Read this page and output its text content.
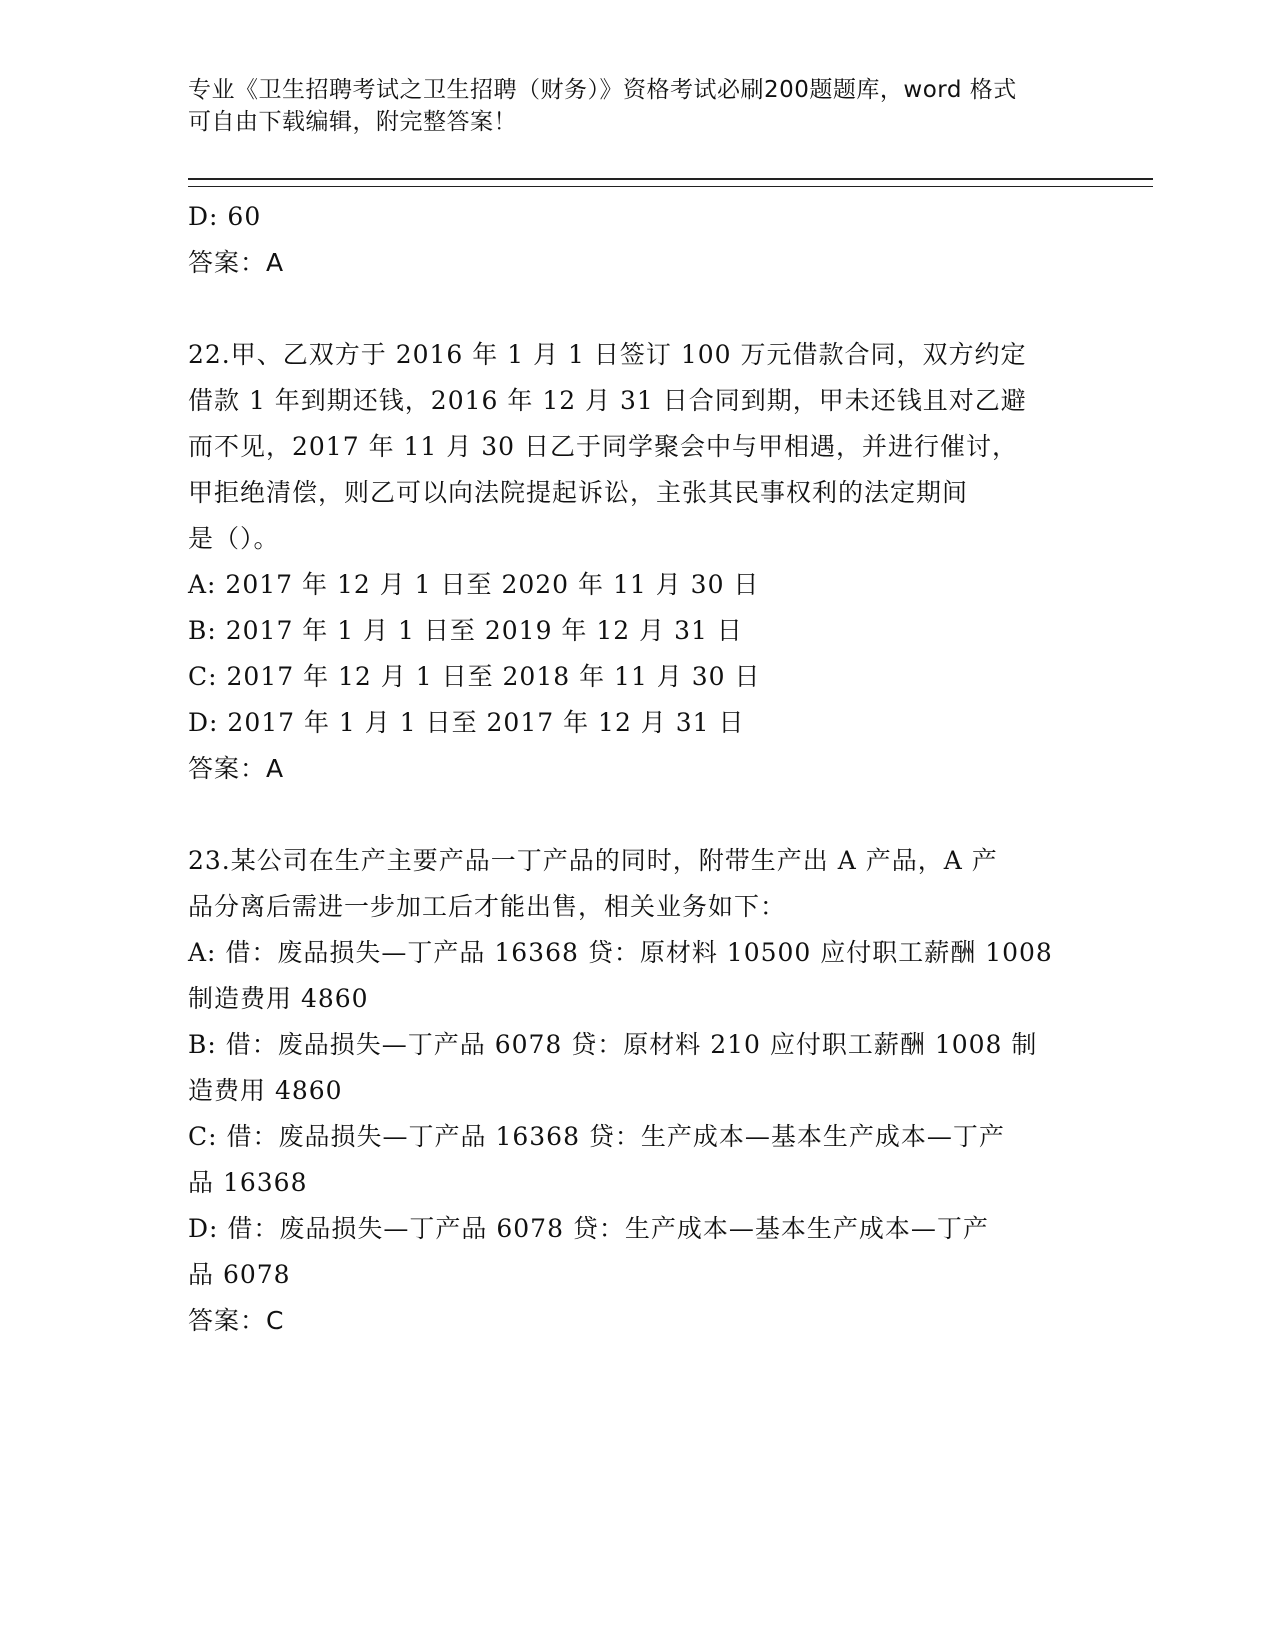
专业《卫生招聘考试之卫生招聘（财务）》资格考试必刷200题题库，word 格式

可自由下载编辑，附完整答案！

D: 60

答案：A

22.甲、乙双方于 2016 年 1 月 1 日签订 100 万元借款合同，双方约定

借款 1 年到期还钱，2016 年 12 月 31 日合同到期，甲未还钱且对乙避

而不见，2017 年 11 月 30 日乙于同学聚会中与甲相遇，并进行催讨，

甲拒绝清偿，则乙可以向法院提起诉讼，主张其民事权利的法定期间

是（）。

A: 2017 年 12 月 1 日至 2020 年 11 月 30 日

B: 2017 年 1 月 1 日至 2019 年 12 月 31 日

C: 2017 年 12 月 1 日至 2018 年 11 月 30 日

D: 2017 年 1 月 1 日至 2017 年 12 月 31 日

答案：A

23.某公司在生产主要产品一丁产品的同时，附带生产出 A 产品，A 产

品分离后需进一步加工后才能出售，相关业务如下：

A: 借：废品损失—丁产品 16368 贷：原材料 10500 应付职工薪酬 1008

制造费用 4860

B: 借：废品损失—丁产品 6078 贷：原材料 210 应付职工薪酬 1008 制

造费用 4860

C: 借：废品损失—丁产品 16368 贷：生产成本—基本生产成本—丁产

品 16368

D: 借：废品损失—丁产品 6078 贷：生产成本—基本生产成本—丁产

品 6078

答案：C
